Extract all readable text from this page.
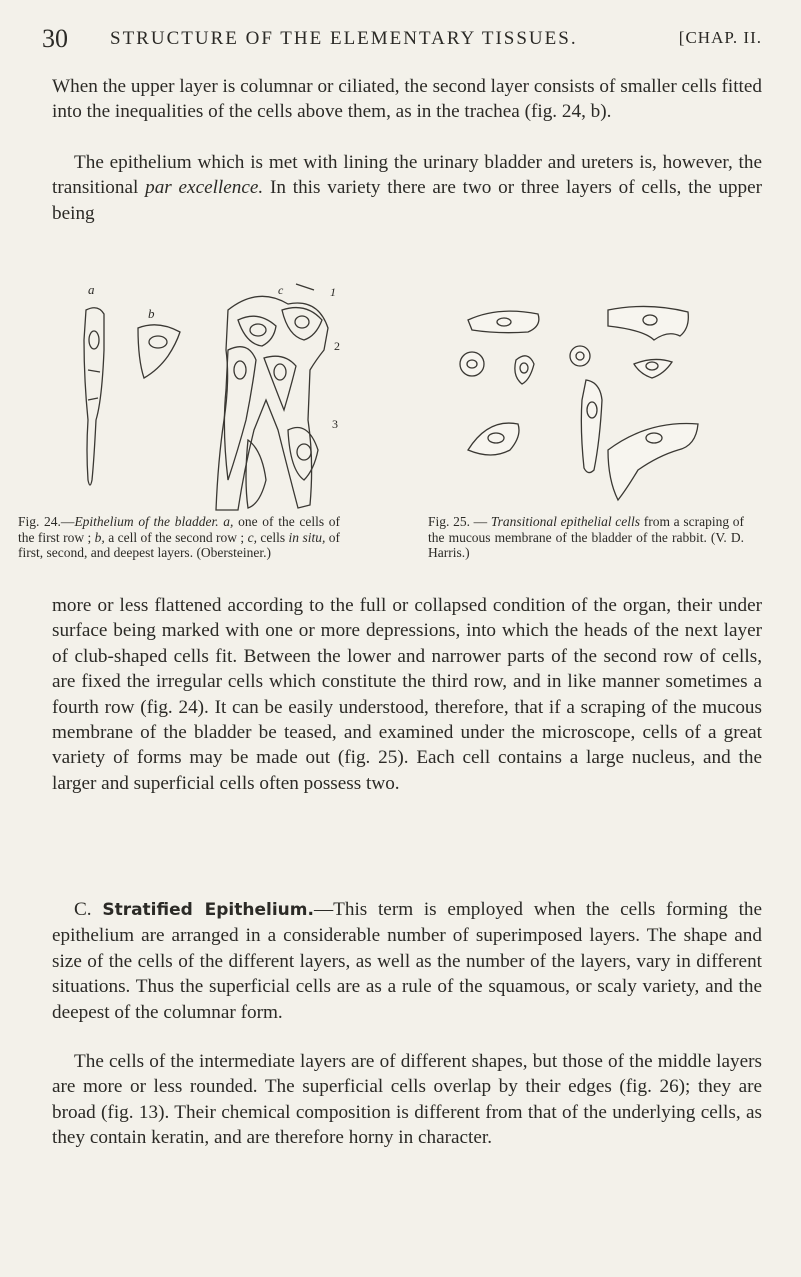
30 STRUCTURE OF THE ELEMENTARY TISSUES.	[CHAP. II.

When the upper layer is columnar or ciliated, the second layer consists of smaller cells fitted into the inequalities of the cells above them, as in the trachea (fig. 24, b).

The epithelium which is met with lining the urinary bladder and ureters is, however, the transitional par excellence. In this variety there are two or three layers of cells, the upper being

a
b
c	1
2
3
Fig. 24.—Epithelium of the bladder. a, one of the cells of the first row ; b, a cell of the second row ; c, cells in situ, of first, second, and deepest layers. (Obersteiner.)
Fig. 25. — Transitional epithelial cells from a scraping of the mucous membrane of the bladder of the rabbit. (V. D. Harris.)

more or less flattened according to the full or collapsed condition of the organ, their under surface being marked with one or more depressions, into which the heads of the next layer of club-shaped cells fit. Between the lower and narrower parts of the second row of cells, are fixed the irregular cells which constitute the third row, and in like manner sometimes a fourth row (fig. 24). It can be easily understood, therefore, that if a scraping of the mucous membrane of the bladder be teased, and examined under the microscope, cells of a great variety of forms may be made out (fig. 25). Each cell contains a large nucleus, and the larger and superficial cells often possess two.

C. Stratified Epithelium.—This term is employed when the cells forming the epithelium are arranged in a considerable number of superimposed layers. The shape and size of the cells of the different layers, as well as the number of the layers, vary in different situations. Thus the superficial cells are as a rule of the squamous, or scaly variety, and the deepest of the columnar form.

The cells of the intermediate layers are of different shapes, but those of the middle layers are more or less rounded. The superficial cells overlap by their edges (fig. 26); they are broad (fig. 13). Their chemical composition is different from that of the underlying cells, as they contain keratin, and are therefore horny in character.
